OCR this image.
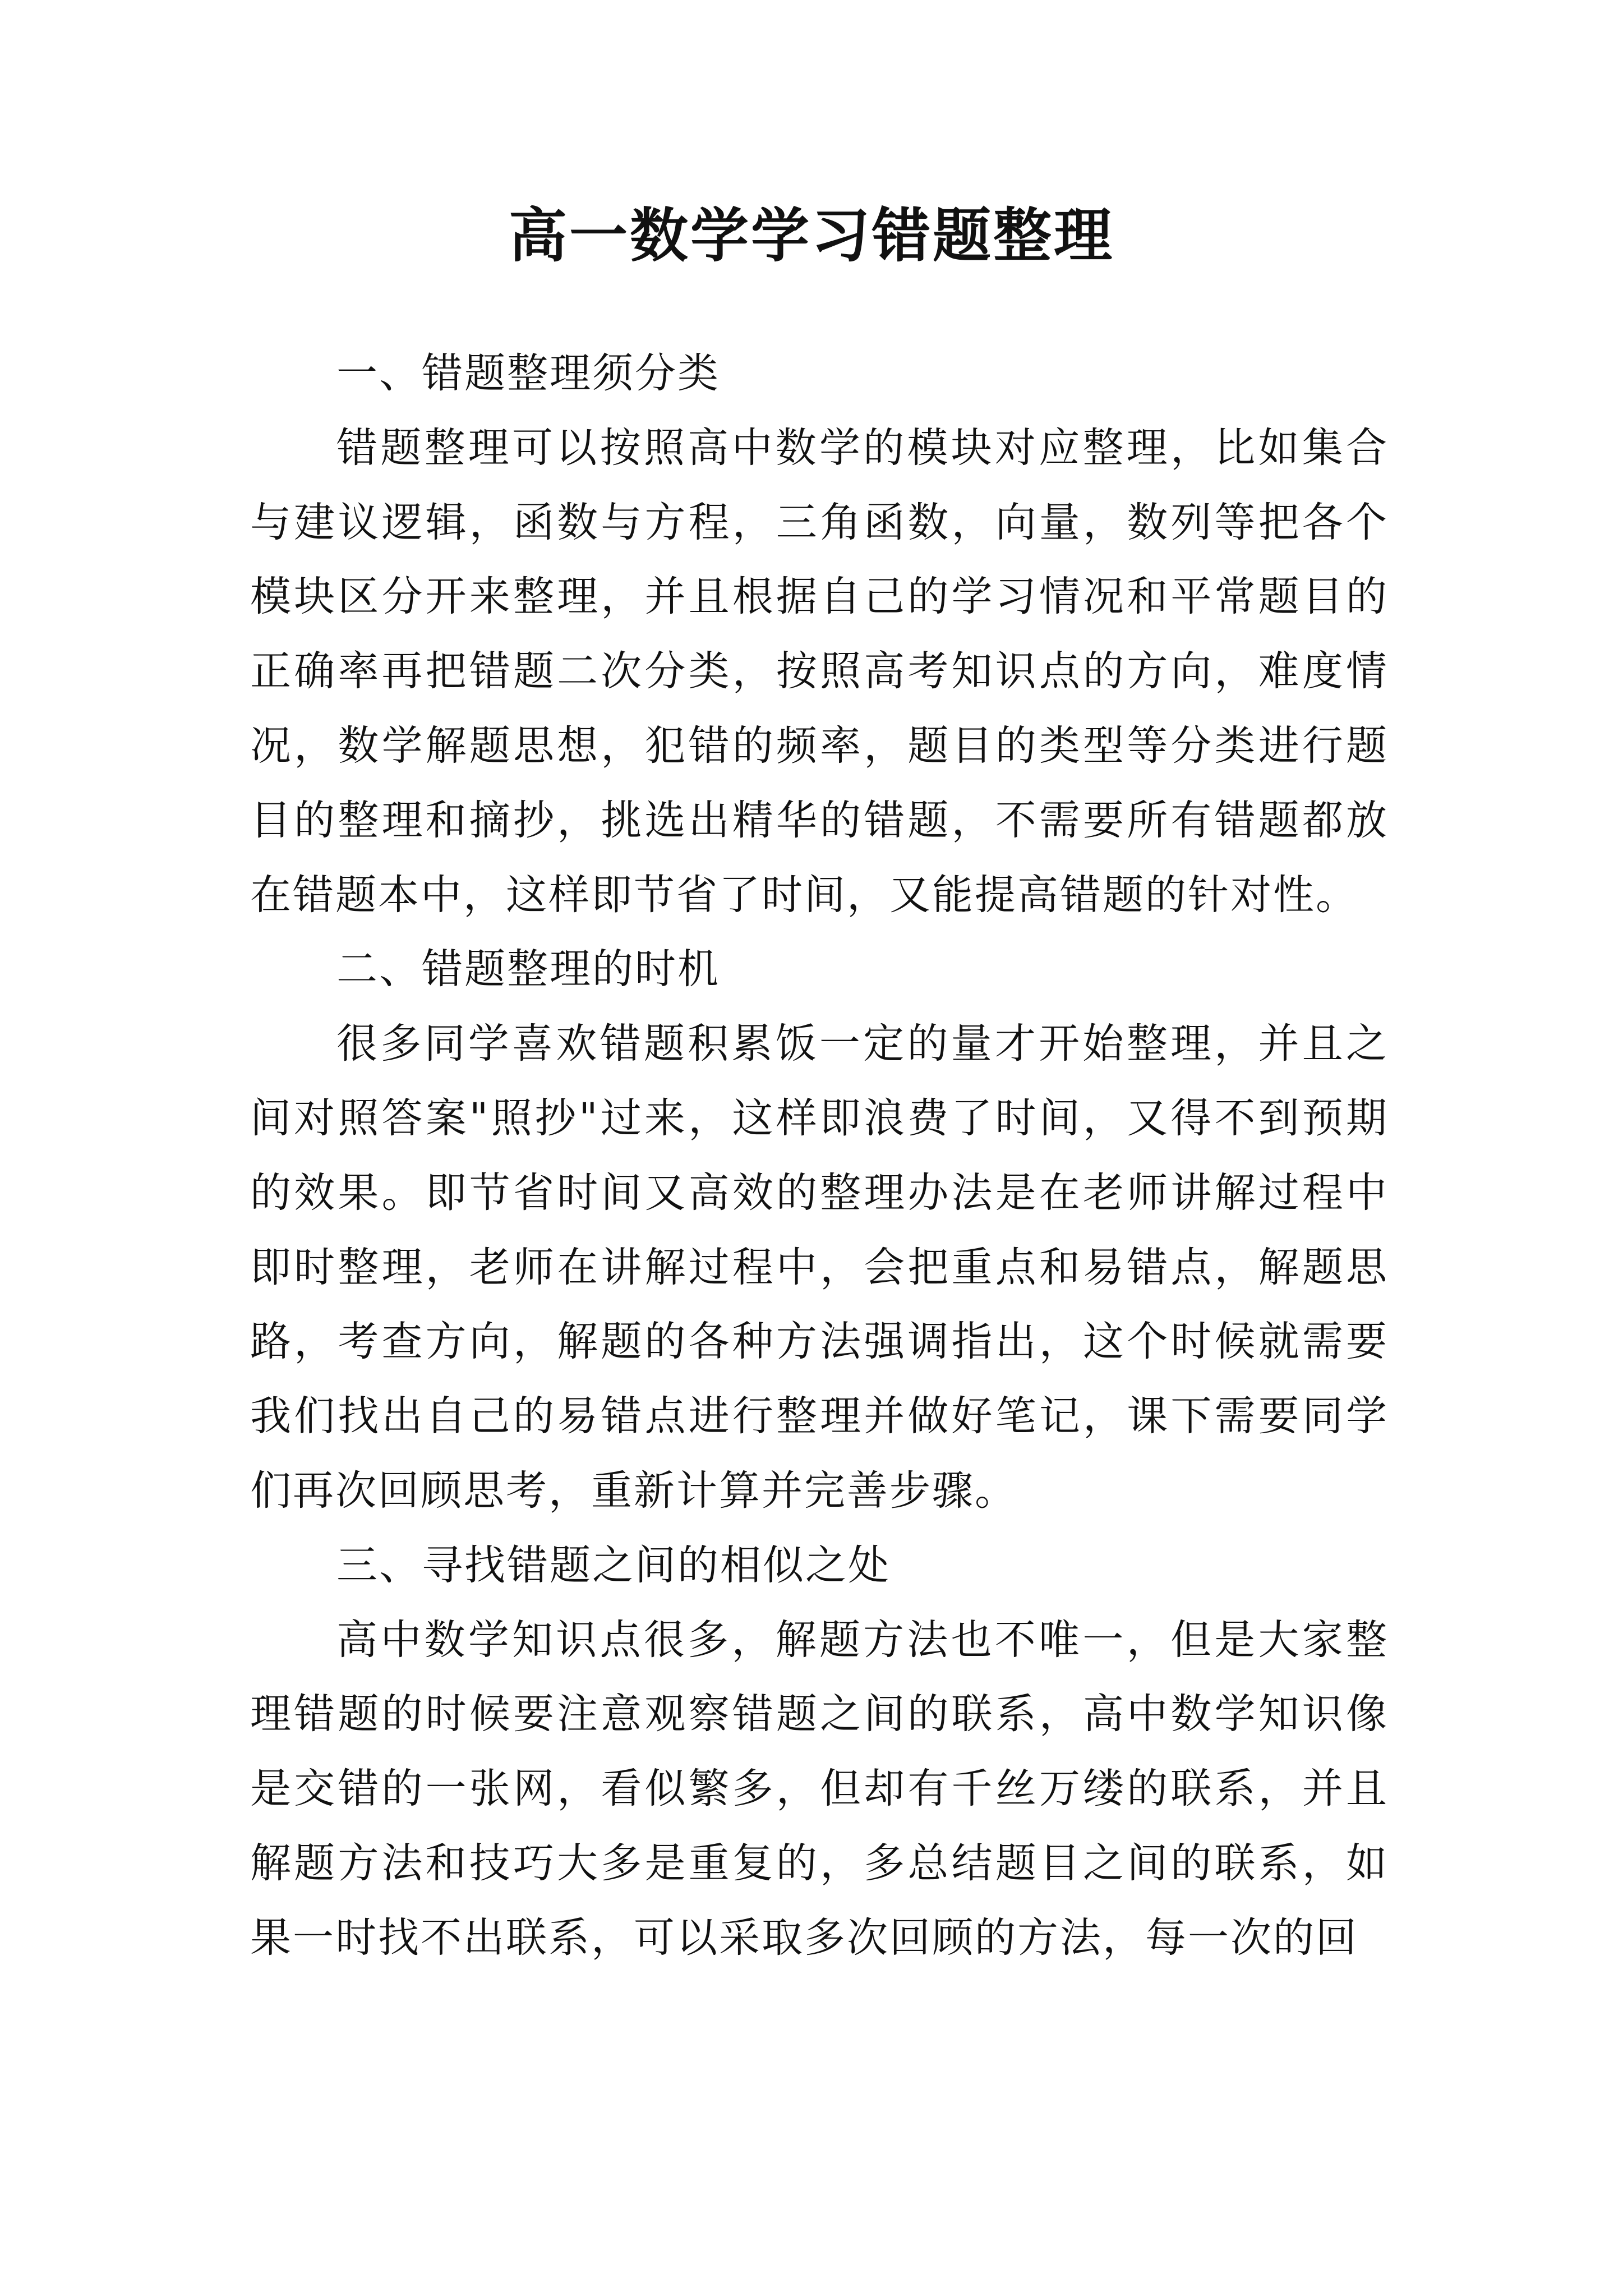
高一数学学习错题整理

一、错题整理须分类

错题整理可以按照高中数学的模块对应整理，比如集合与建议逻辑，函数与方程，三角函数，向量，数列等把各个模块区分开来整理，并且根据自己的学习情况和平常题目的正确率再把错题二次分类，按照高考知识点的方向，难度情况，数学解题思想，犯错的频率，题目的类型等分类进行题目的整理和摘抄，挑选出精华的错题，不需要所有错题都放在错题本中，这样即节省了时间，又能提高错题的针对性。

二、错题整理的时机

很多同学喜欢错题积累饭一定的量才开始整理，并且之间对照答案"照抄"过来，这样即浪费了时间，又得不到预期的效果。即节省时间又高效的整理办法是在老师讲解过程中即时整理，老师在讲解过程中，会把重点和易错点，解题思路，考查方向，解题的各种方法强调指出，这个时候就需要我们找出自己的易错点进行整理并做好笔记，课下需要同学们再次回顾思考，重新计算并完善步骤。

三、寻找错题之间的相似之处

高中数学知识点很多，解题方法也不唯一，但是大家整理错题的时候要注意观察错题之间的联系，高中数学知识像是交错的一张网，看似繁多，但却有千丝万缕的联系，并且解题方法和技巧大多是重复的，多总结题目之间的联系，如果一时找不出联系，可以采取多次回顾的方法，每一次的回
